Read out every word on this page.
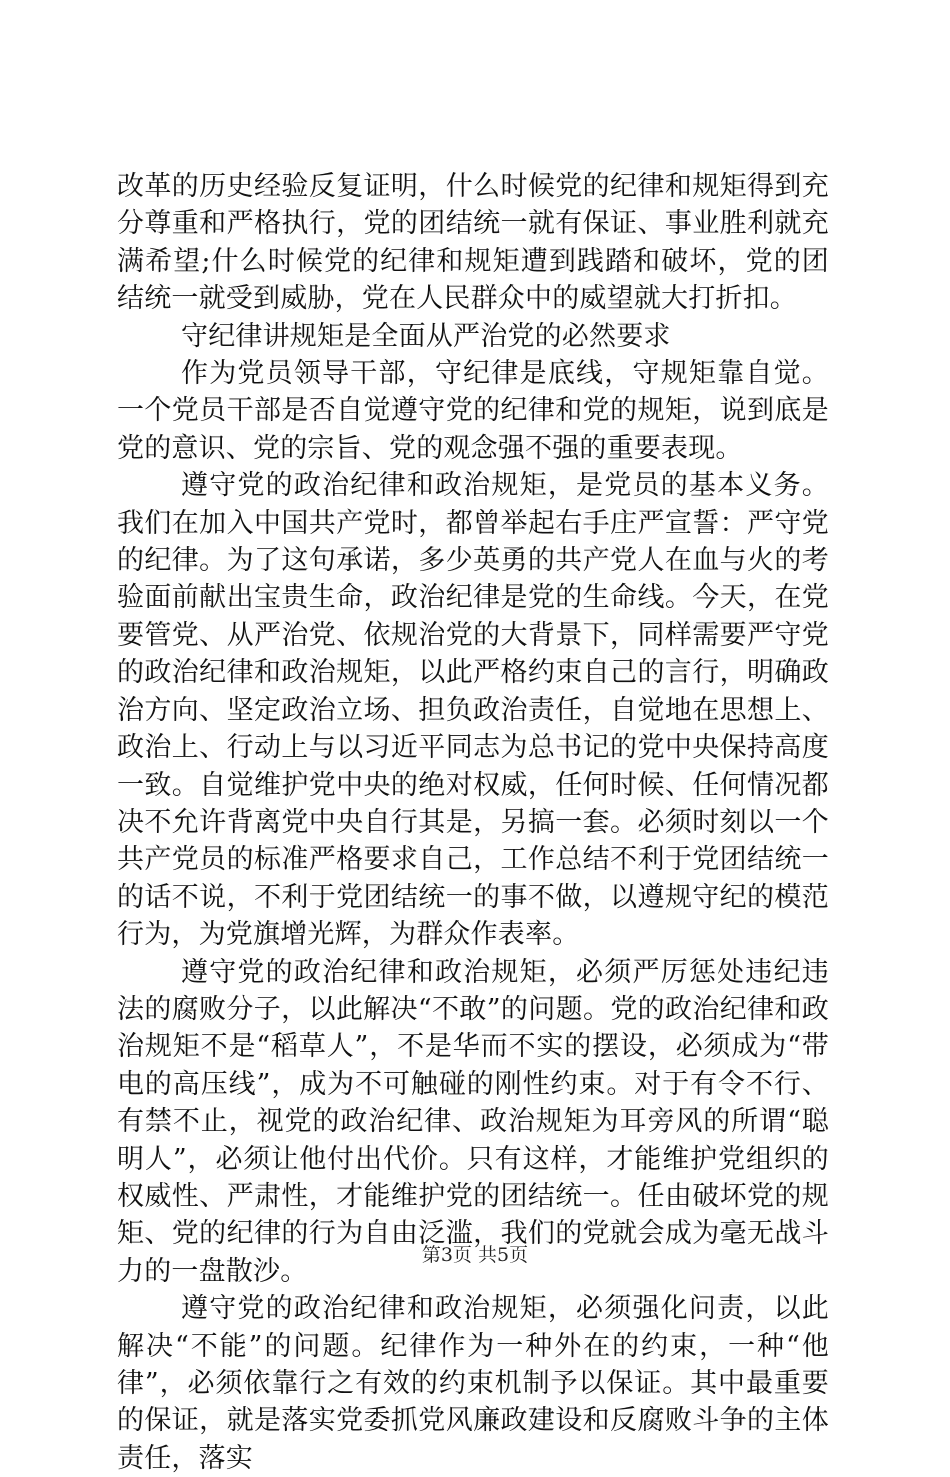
改革的历史经验反复证明，什么时候党的纪律和规矩得到充分尊重和严格执行，党的团结统一就有保证、事业胜利就充满希望;什么时候党的纪律和规矩遭到践踏和破坏，党的团结统一就受到威胁，党在人民群众中的威望就大打折扣。

守纪律讲规矩是全面从严治党的必然要求

作为党员领导干部，守纪律是底线，守规矩靠自觉。一个党员干部是否自觉遵守党的纪律和党的规矩，说到底是党的意识、党的宗旨、党的观念强不强的重要表现。

遵守党的政治纪律和政治规矩，是党员的基本义务。我们在加入中国共产党时，都曾举起右手庄严宣誓：严守党的纪律。为了这句承诺，多少英勇的共产党人在血与火的考验面前献出宝贵生命，政治纪律是党的生命线。今天，在党要管党、从严治党、依规治党的大背景下，同样需要严守党的政治纪律和政治规矩，以此严格约束自己的言行，明确政治方向、坚定政治立场、担负政治责任，自觉地在思想上、政治上、行动上与以习近平同志为总书记的党中央保持高度一致。自觉维护党中央的绝对权威，任何时候、任何情况都决不允许背离党中央自行其是，另搞一套。必须时刻以一个共产党员的标准严格要求自己，工作总结不利于党团结统一的话不说，不利于党团结统一的事不做，以遵规守纪的模范行为，为党旗增光辉，为群众作表率。

遵守党的政治纪律和政治规矩，必须严厉惩处违纪违法的腐败分子，以此解决“不敢”的问题。党的政治纪律和政治规矩不是“稻草人”，不是华而不实的摆设，必须成为“带电的高压线”，成为不可触碰的刚性约束。对于有令不行、有禁不止，视党的政治纪律、政治规矩为耳旁风的所谓“聪明人”，必须让他付出代价。只有这样，才能维护党组织的权威性、严肃性，才能维护党的团结统一。任由破坏党的规矩、党的纪律的行为自由泛滥，我们的党就会成为毫无战斗力的一盘散沙。

遵守党的政治纪律和政治规矩，必须强化问责，以此解决“不能”的问题。纪律作为一种外在的约束，一种“他律”，必须依靠行之有效的约束机制予以保证。其中最重要的保证，就是落实党委抓党风廉政建设和反腐败斗争的主体责任，落实

第3页 共5页
